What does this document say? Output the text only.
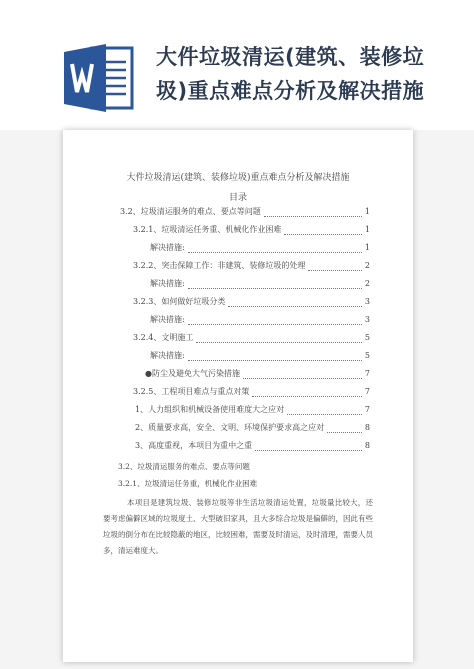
大件垃圾清运(建筑、装修垃
圾)重点难点分析及解决措施
大件垃圾清运(建筑、装修垃圾)重点难点分析及解决措施
目录
3.2、垃圾清运服务的难点、要点等问题	1
3.2.1、垃圾清运任务重、机械化作业困难	1
解决措施:	1
3.2.2、突击保障工作：非建筑、装修垃圾的处理	2
解决措施:	2
3.2.3、如何做好垃圾分类	3
解决措施:	3
3.2.4、文明施工	5
解决措施:	5
●防尘及避免大气污染措施	7
3.2.5、工程项目难点与重点对策	7
1、人力组织和机械设备使用难度大之应对	7
2、质量要求高，安全、文明、环境保护要求高之应对	8
3、高度重视，本项目为重中之重	8
3.2、垃圾清运服务的难点、要点等问题
3.2.1、垃圾清运任务重，机械化作业困难
本项目是建筑垃圾、装修垃圾等非生活垃圾清运处置，垃圾量比较大，还要考虑偏僻区域的垃圾度土、大型破旧家具，且大多综合垃圾是偏僻的，因此有些垃圾的倒分布在比较隐蔽的地区，比较困难，需要及时清运，及时清理，需要人员多，清运难度大。
